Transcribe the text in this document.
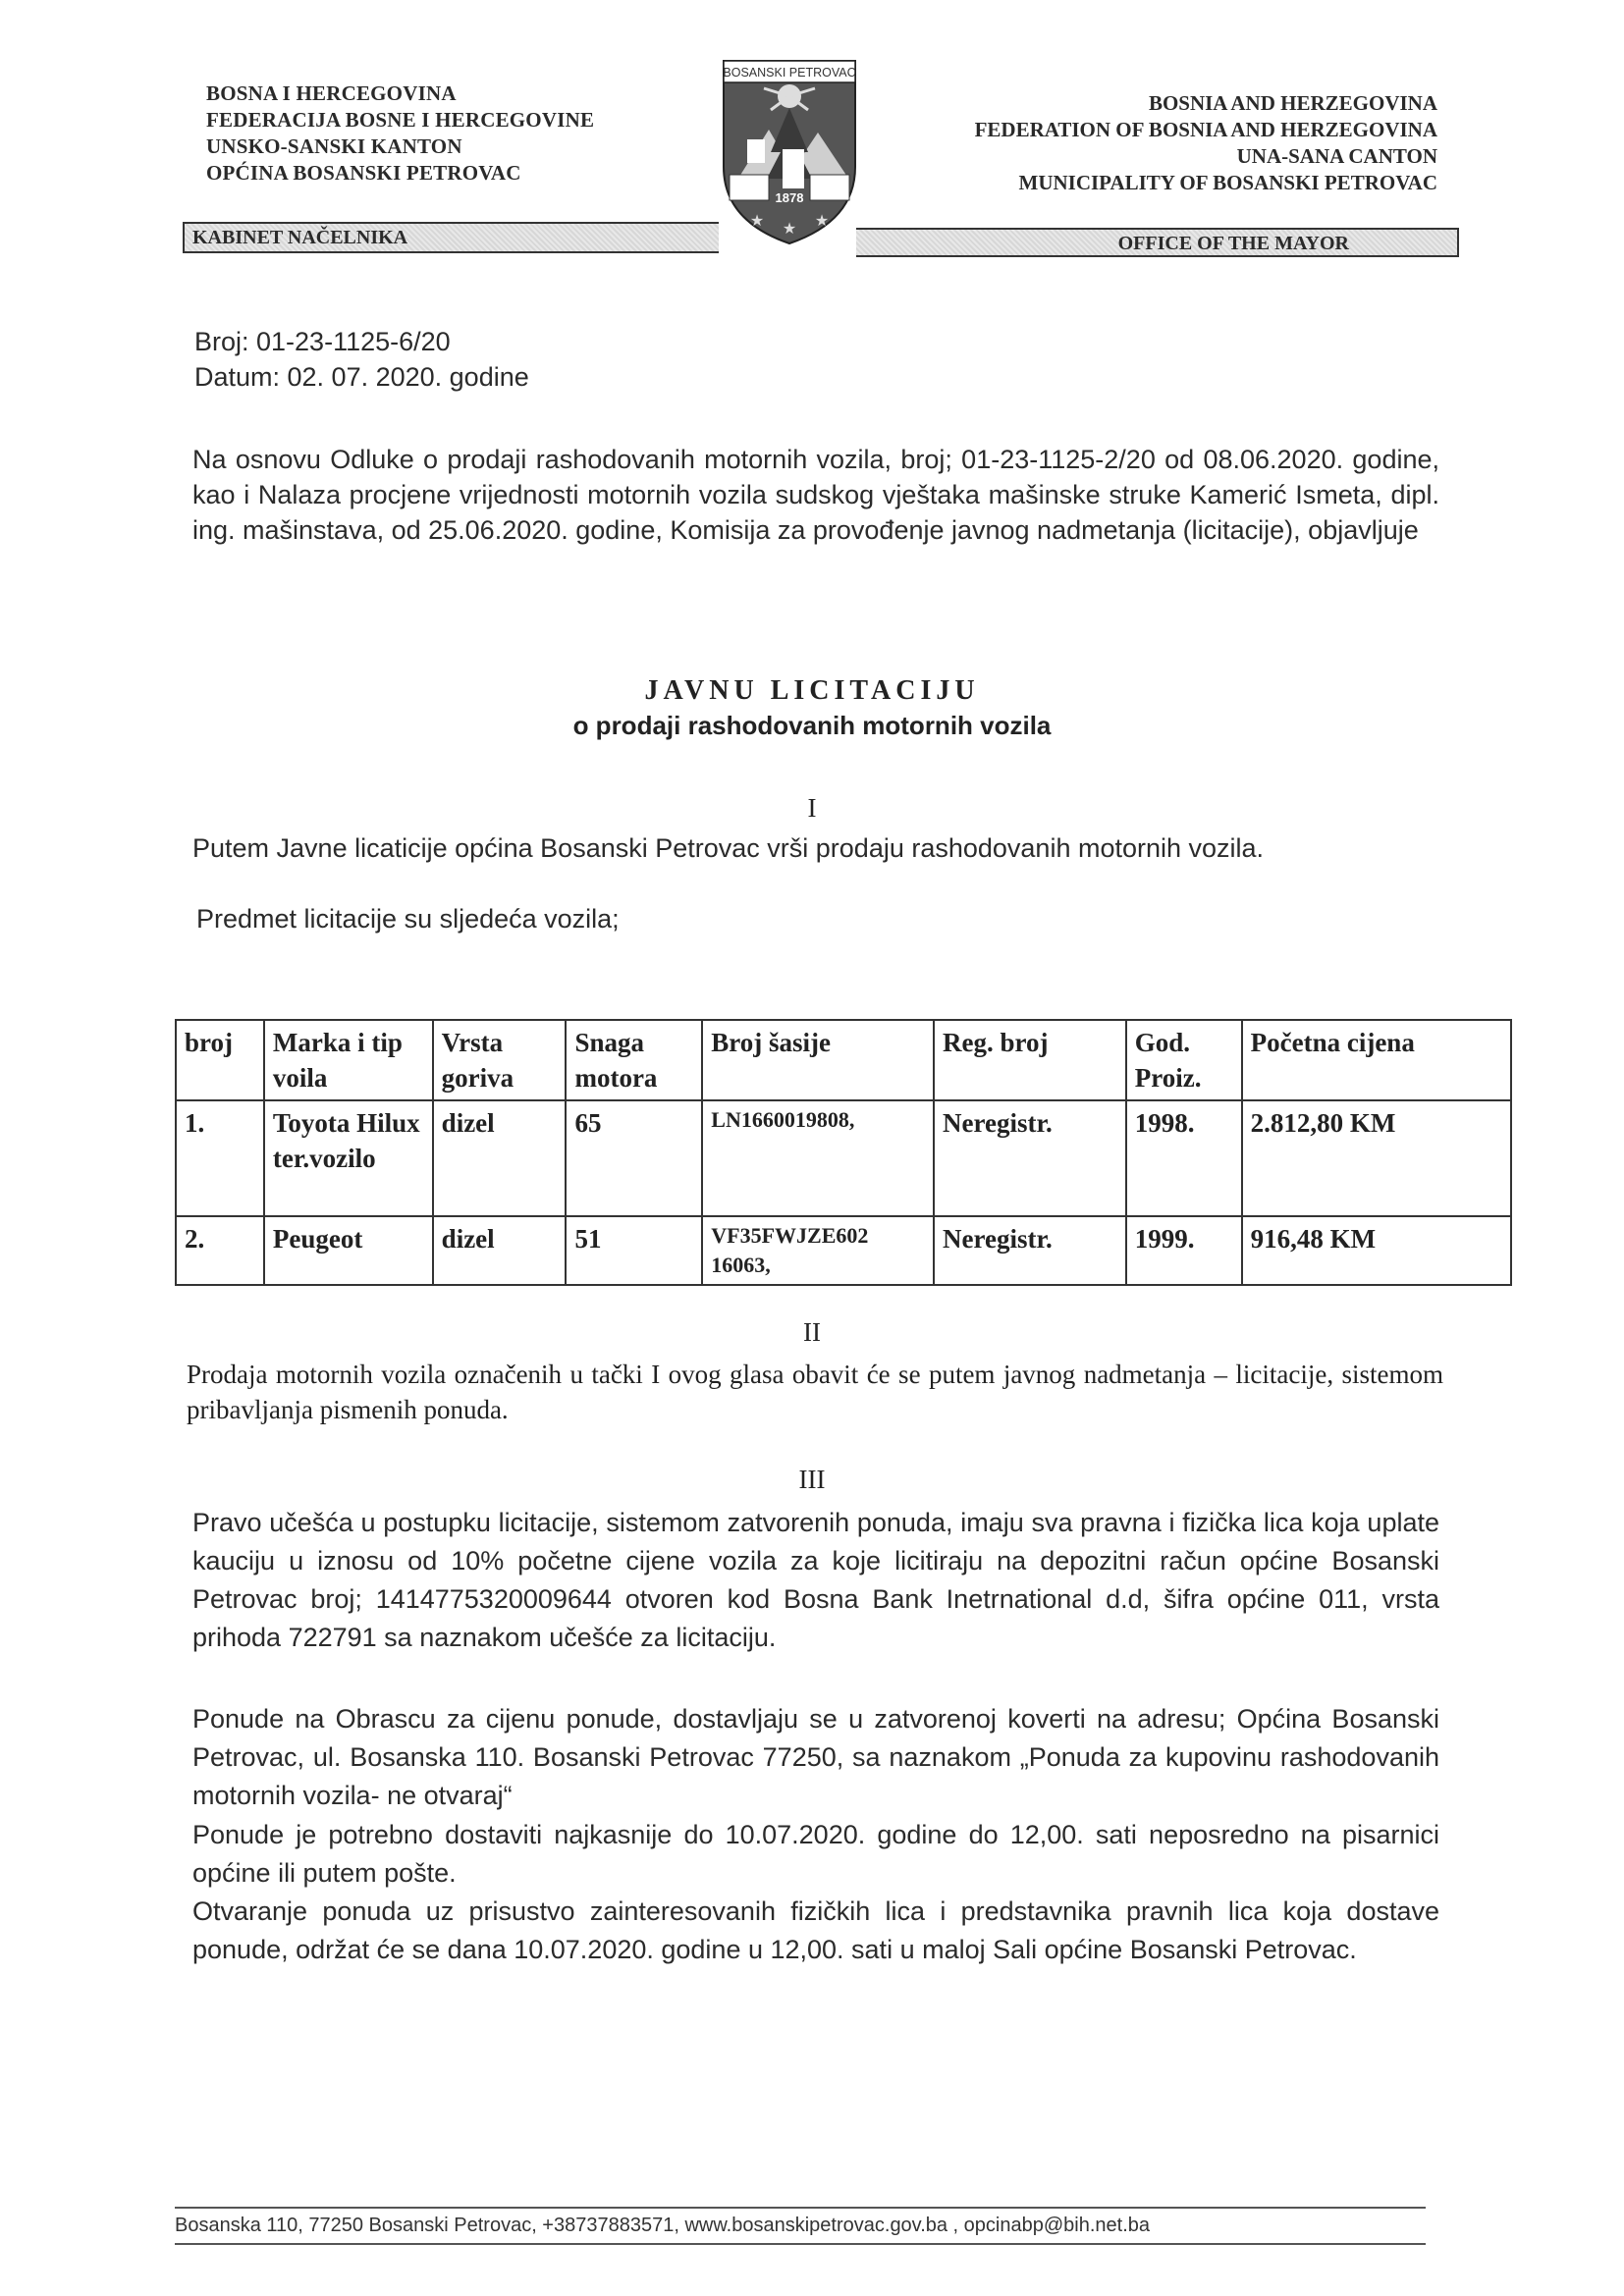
BOSNA I HERCEGOVINA
FEDERACIJA BOSNE I HERCEGOVINE
UNSKO-SANSKI KANTON
OPĆINA BOSANSKI PETROVAC
BOSANSKI PETROVAC
1878
★ ★ ★
BOSNIA AND HERZEGOVINA
FEDERATION OF BOSNIA AND HERZEGOVINA
UNA-SANA CANTON
MUNICIPALITY OF BOSANSKI PETROVAC
KABINET NAČELNIKA	OFFICE OF THE MAYOR
Broj: 01-23-1125-6/20
Datum: 02. 07. 2020. godine
Na osnovu Odluke o prodaji rashodovanih motornih vozila, broj; 01-23-1125-2/20 od 08.06.2020. godine, kao i Nalaza procjene vrijednosti motornih vozila sudskog vještaka mašinske struke Kamerić Ismeta, dipl. ing. mašinstava, od 25.06.2020. godine, Komisija za provođenje javnog nadmetanja (licitacije), objavljuje
JAVNU LICITACIJU
o prodaji rashodovanih motornih vozila
I
Putem Javne licaticije općina Bosanski Petrovac vrši prodaju rashodovanih motornih vozila.
Predmet licitacije su sljedeća vozila;
broj	Marka i tip voila	Vrsta goriva	Snaga motora	Broj šasije	Reg. broj	God. Proiz.	Početna cijena
1.	Toyota Hilux ter.vozilo	dizel	65	LN1660019808,	Neregistr.	1998.	2.812,80 KM
2.	Peugeot	dizel	51	VF35FWJZE602 16063,	Neregistr.	1999.	916,48 KM
II
Prodaja motornih vozila označenih u tački I ovog glasa obavit će se putem javnog nadmetanja – licitacije, sistemom pribavljanja pismenih ponuda.
III
Pravo učešća u postupku licitacije, sistemom zatvorenih ponuda, imaju sva pravna i fizička lica koja uplate kauciju u iznosu od 10% početne cijene vozila za koje licitiraju na depozitni račun općine Bosanski Petrovac broj; 1414775320009644 otvoren kod Bosna Bank Inetrnational d.d, šifra općine 011, vrsta prihoda 722791 sa naznakom učešće za licitaciju.
Ponude na Obrascu za cijenu ponude, dostavljaju se u zatvorenoj koverti na adresu; Općina Bosanski Petrovac, ul. Bosanska 110. Bosanski Petrovac 77250, sa naznakom „Ponuda za kupovinu rashodovanih motornih vozila- ne otvaraj“
Ponude je potrebno dostaviti najkasnije do 10.07.2020. godine do 12,00. sati neposredno na pisarnici općine ili putem pošte.
Otvaranje ponuda uz prisustvo zainteresovanih fizičkih lica i predstavnika pravnih lica koja dostave ponude, održat će se dana 10.07.2020. godine u 12,00. sati u maloj Sali općine Bosanski Petrovac.
Bosanska 110, 77250 Bosanski Petrovac, +38737883571, www.bosanskipetrovac.gov.ba , opcinabp@bih.net.ba
